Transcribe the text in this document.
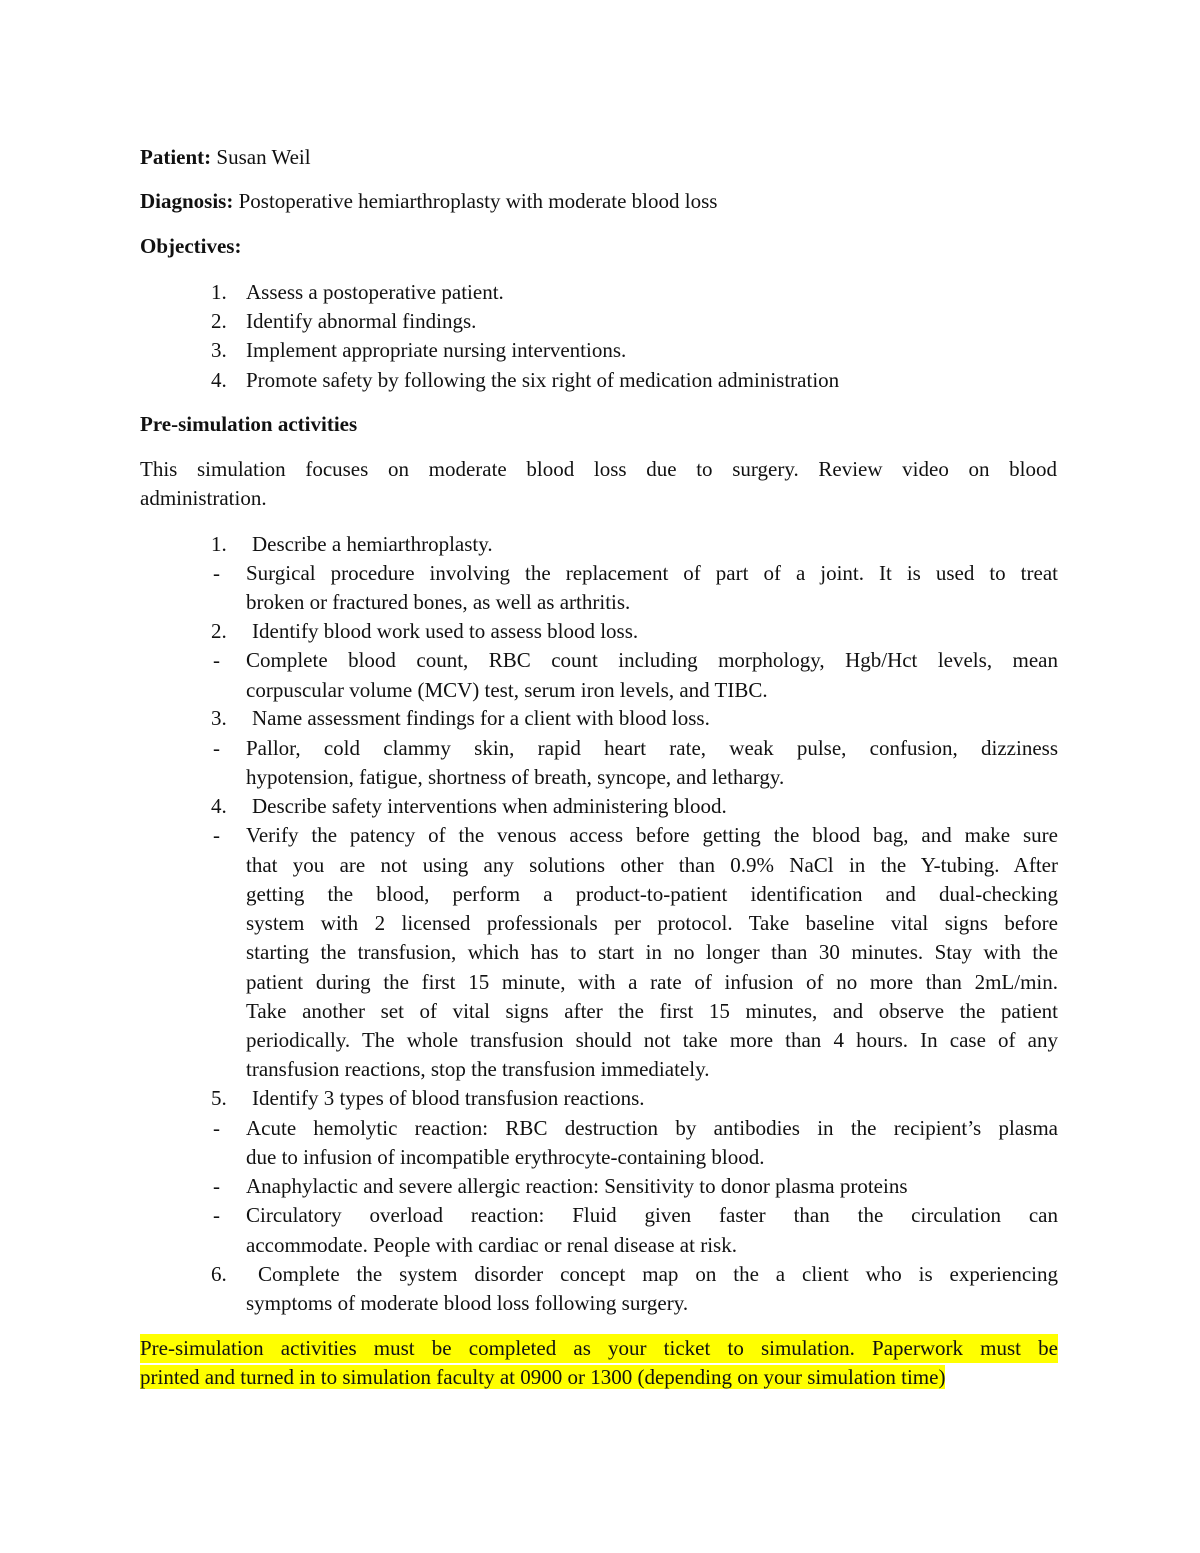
Patient: Susan Weil
Diagnosis: Postoperative hemiarthroplasty with moderate blood loss
Objectives:
1. Assess a postoperative patient.
2. Identify abnormal findings.
3. Implement appropriate nursing interventions.
4. Promote safety by following the six right of medication administration
Pre-simulation activities
This simulation focuses on moderate blood loss due to surgery. Review video on blood
administration.
1. Describe a hemiarthroplasty.
- Surgical procedure involving the replacement of part of a joint. It is used to treat
broken or fractured bones, as well as arthritis.
2. Identify blood work used to assess blood loss.
- Complete blood count, RBC count including morphology, Hgb/Hct levels, mean
corpuscular volume (MCV) test, serum iron levels, and TIBC.
3. Name assessment findings for a client with blood loss.
- Pallor, cold clammy skin, rapid heart rate, weak pulse, confusion, dizziness
hypotension, fatigue, shortness of breath, syncope, and lethargy.
4. Describe safety interventions when administering blood.
- Verify the patency of the venous access before getting the blood bag, and make sure
that you are not using any solutions other than 0.9% NaCl in the Y-tubing. After
getting the blood, perform a product-to-patient identification and dual-checking
system with 2 licensed professionals per protocol. Take baseline vital signs before
starting the transfusion, which has to start in no longer than 30 minutes. Stay with the
patient during the first 15 minute, with a rate of infusion of no more than 2mL/min.
Take another set of vital signs after the first 15 minutes, and observe the patient
periodically. The whole transfusion should not take more than 4 hours. In case of any
transfusion reactions, stop the transfusion immediately.
5. Identify 3 types of blood transfusion reactions.
- Acute hemolytic reaction: RBC destruction by antibodies in the recipient’s plasma
due to infusion of incompatible erythrocyte-containing blood.
- Anaphylactic and severe allergic reaction: Sensitivity to donor plasma proteins
- Circulatory overload reaction: Fluid given faster than the circulation can
accommodate. People with cardiac or renal disease at risk.
6. Complete the system disorder concept map on the a client who is experiencing
symptoms of moderate blood loss following surgery.
Pre-simulation activities must be completed as your ticket to simulation. Paperwork must be
printed and turned in to simulation faculty at 0900 or 1300 (depending on your simulation time)
